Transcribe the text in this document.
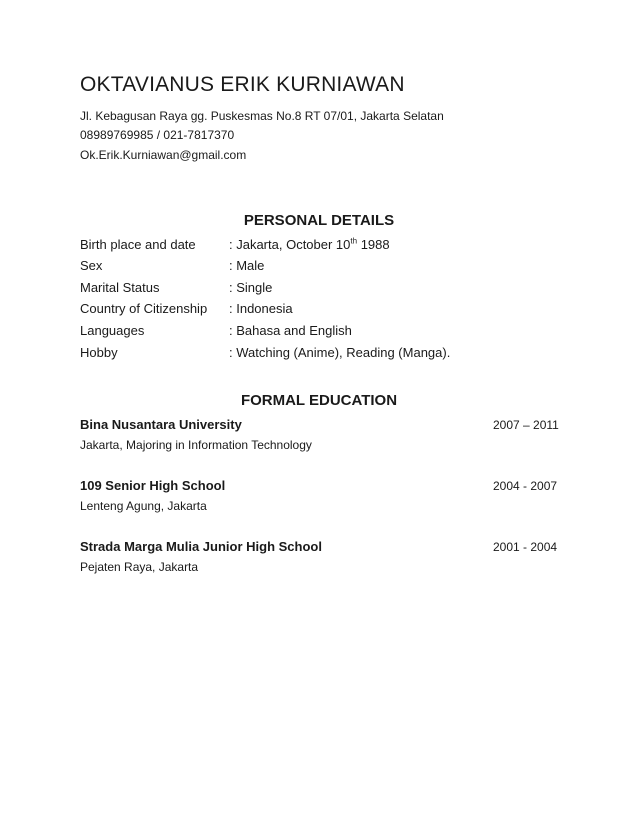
OKTAVIANUS ERIK KURNIAWAN
Jl. Kebagusan Raya gg. Puskesmas No.8 RT 07/01, Jakarta Selatan
08989769985 / 021-7817370
Ok.Erik.Kurniawan@gmail.com
PERSONAL DETAILS
Birth place and date	: Jakarta, October 10th 1988
Sex	: Male
Marital Status	: Single
Country of Citizenship : Indonesia
Languages	: Bahasa and English
Hobby	: Watching (Anime), Reading (Manga).
FORMAL EDUCATION
Bina Nusantara University	2007 – 2011
Jakarta, Majoring in Information Technology
109 Senior High School	2004 - 2007
Lenteng Agung, Jakarta
Strada Marga Mulia Junior High School	2001 - 2004
Pejaten Raya, Jakarta
